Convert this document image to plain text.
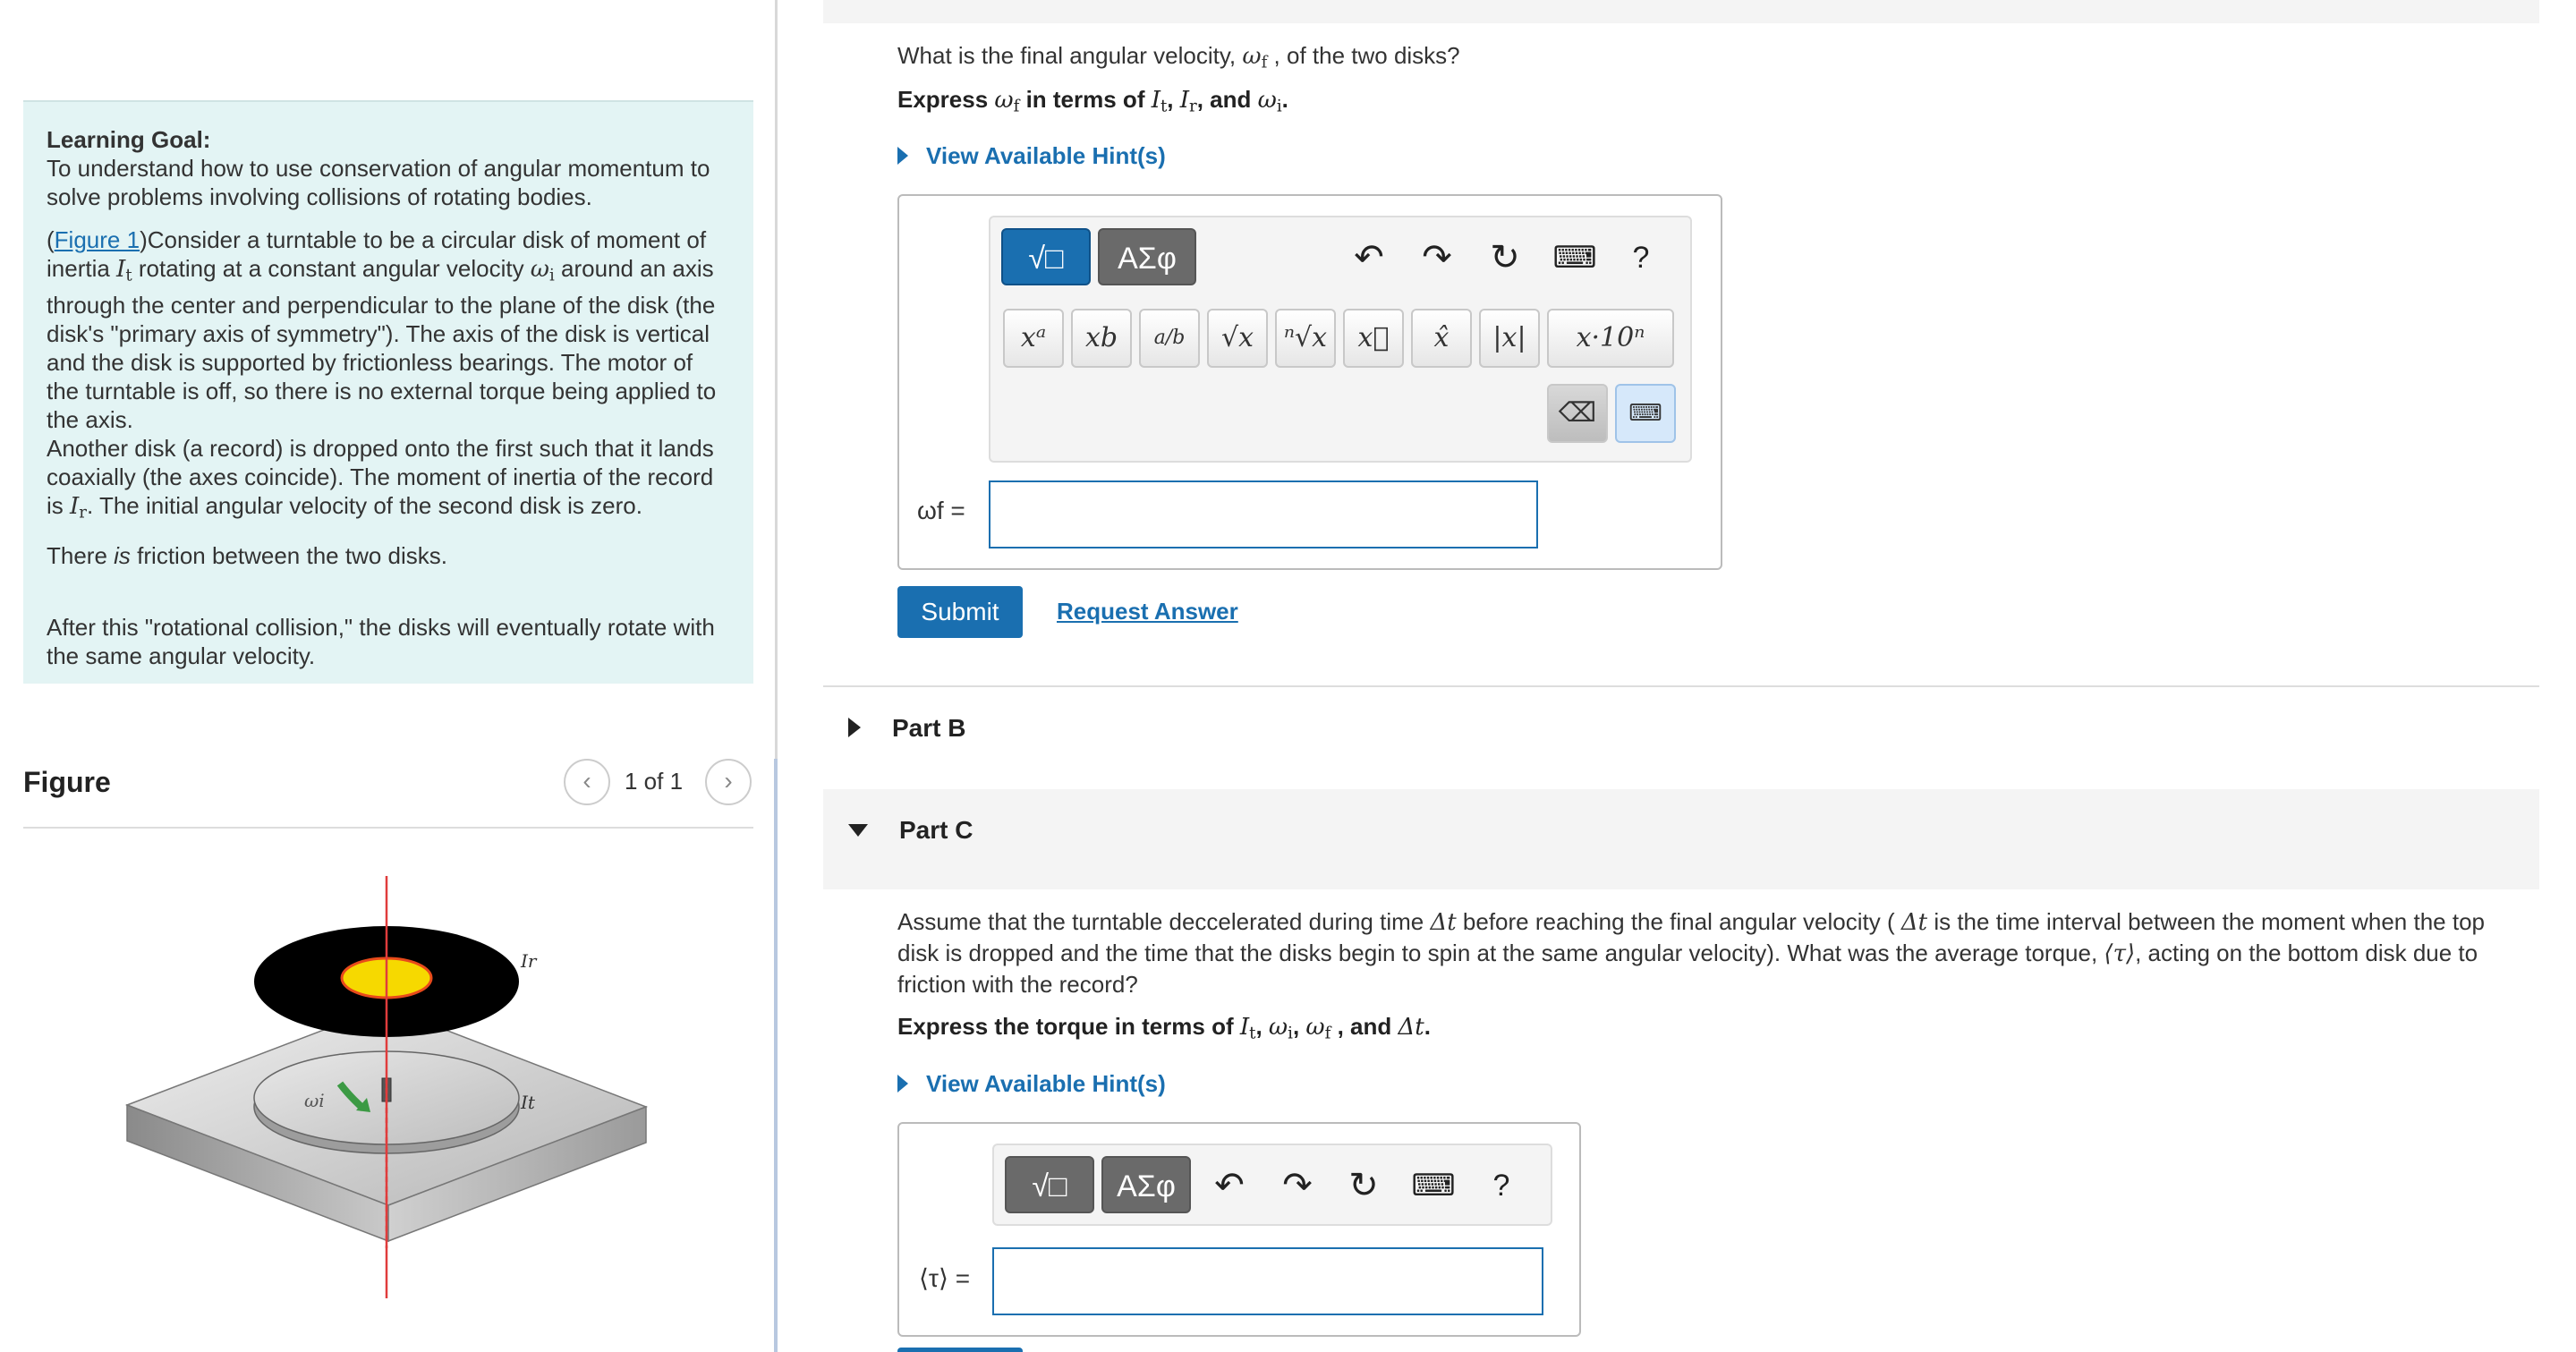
Learning Goal:

To understand how to use conservation of angular momentum to solve problems involving collisions of rotating bodies.

(Figure 1)Consider a turntable to be a circular disk of moment of inertia $I_t$ rotating at a constant angular velocity $\omega_i$ around an axis through the center and perpendicular to the plane of the disk (the disk's "primary axis of symmetry"). The axis of the disk is vertical and the disk is supported by frictionless bearings. The motor of the turntable is off, so there is no external torque being applied to the axis.
Another disk (a record) is dropped onto the first such that it lands coaxially (the axes coincide). The moment of inertia of the record is $I_r$. The initial angular velocity of the second disk is zero.

There is friction between the two disks.

After this "rotational collision," the disks will eventually rotate with the same angular velocity.

Figure	‹	1 of 1	›
Ir
It
ωi
What is the final angular velocity, $\omega_f$ , of the two disks?
Express $\omega_f$ in terms of $I_t$, $I_r$, and $\omega_i$.
View Available Hint(s)
√□	ΑΣφ	↶ ↷ ↻	⌨	?
xᵃ	xb	a/b	√x	ⁿ√x	x⃗	x̂	|x|	x·10ⁿ
⌫	⌨
ωf =
Submit	Request Answer
Part B
Part C
Assume that the turntable deccelerated during time Δt before reaching the final angular velocity ( Δt is the time interval between the moment when the top disk is dropped and the time that the disks begin to spin at the same angular velocity). What was the average torque, ⟨τ⟩, acting on the bottom disk due to friction with the record?
Express the torque in terms of $I_t$, $\omega_i$, $\omega_f$ , and Δt.
View Available Hint(s)
√□	ΑΣφ	↶ ↷ ↻	⌨	?
⟨τ⟩ =
